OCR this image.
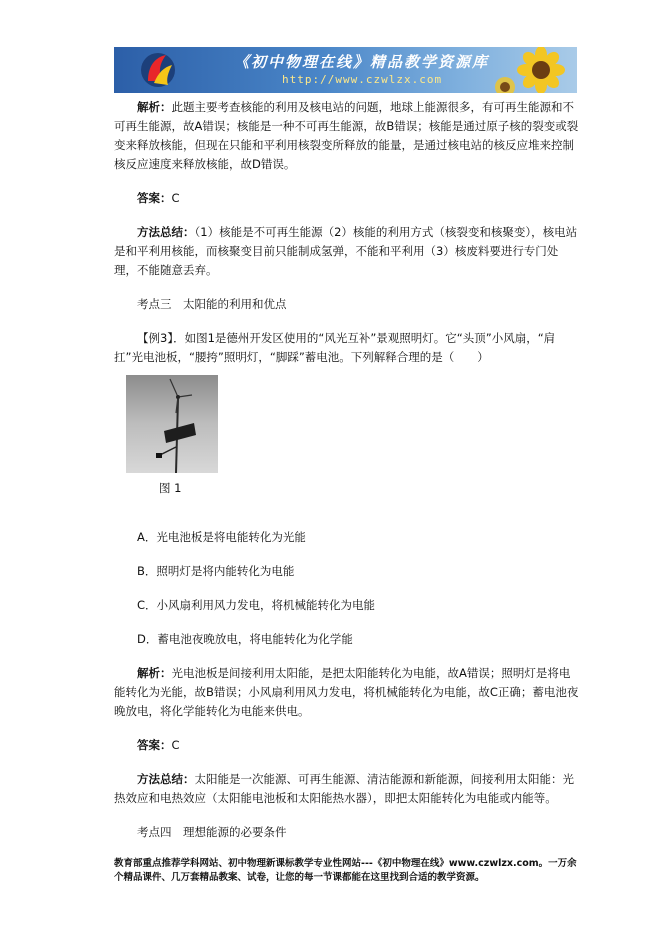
《初中物理在线》精品教学资源库
http://www.czwlzx.com

解析：此题主要考查核能的利用及核电站的问题，地球上能源很多，有可再生能源和不可再生能源，故A错误；核能是一种不可再生能源，故B错误；核能是通过原子核的裂变或裂变来释放核能，但现在只能和平利用核裂变所释放的能量，是通过核电站的核反应堆来控制核反应速度来释放核能，故D错误。

答案：C

方法总结：（1）核能是不可再生能源（2）核能的利用方式（核裂变和核聚变），核电站是和平利用核能，而核聚变目前只能制成氢弹，不能和平利用（3）核废料要进行专门处理，不能随意丢弃。

考点三　太阳能的利用和优点

【例3】．如图1是德州开发区使用的“风光互补”景观照明灯。它“头顶”小风扇，“肩扛”光电池板，“腰挎”照明灯，“脚踩”蓄电池。下列解释合理的是（　　）

图 1

A．光电池板是将电能转化为光能

B．照明灯是将内能转化为电能

C．小风扇利用风力发电，将机械能转化为电能

D．蓄电池夜晚放电，将电能转化为化学能

解析：光电池板是间接利用太阳能，是把太阳能转化为电能，故A错误；照明灯是将电能转化为光能，故B错误；小风扇利用风力发电，将机械能转化为电能，故C正确；蓄电池夜晚放电，将化学能转化为电能来供电。

答案：C

方法总结：太阳能是一次能源、可再生能源、清洁能源和新能源，间接利用太阳能：光热效应和电热效应（太阳能电池板和太阳能热水器），即把太阳能转化为电能或内能等。

考点四　理想能源的必要条件

教育部重点推荐学科网站、初中物理新课标教学专业性网站---《初中物理在线》www.czwlzx.com。一万余个精品课件、几万套精品教案、试卷，让您的每一节课都能在这里找到合适的教学资源。
